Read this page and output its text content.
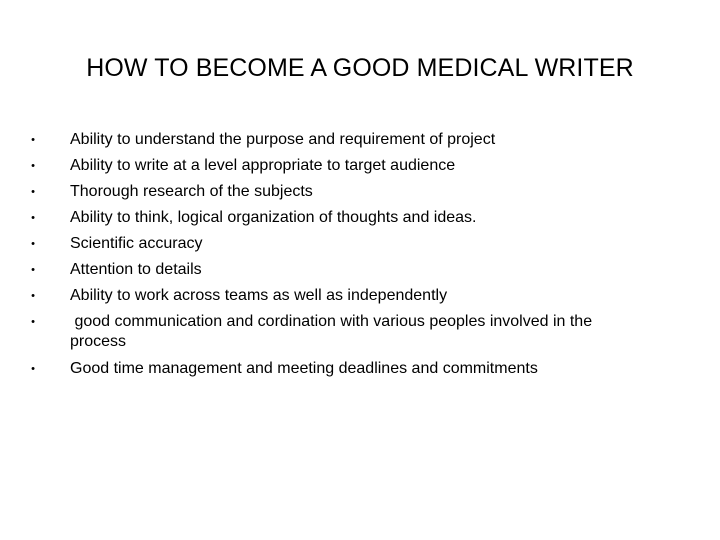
HOW TO BECOME A GOOD MEDICAL WRITER
• Ability to understand the purpose and requirement of project
• Ability to write at a level appropriate to target audience
• Thorough research of the subjects
• Ability to think, logical organization of thoughts and ideas.
• Scientific accuracy
• Attention to details
• Ability to work across teams as well as independently
• good communication and cordination with various peoples involved in the
process
• Good time management and meeting deadlines and commitments
